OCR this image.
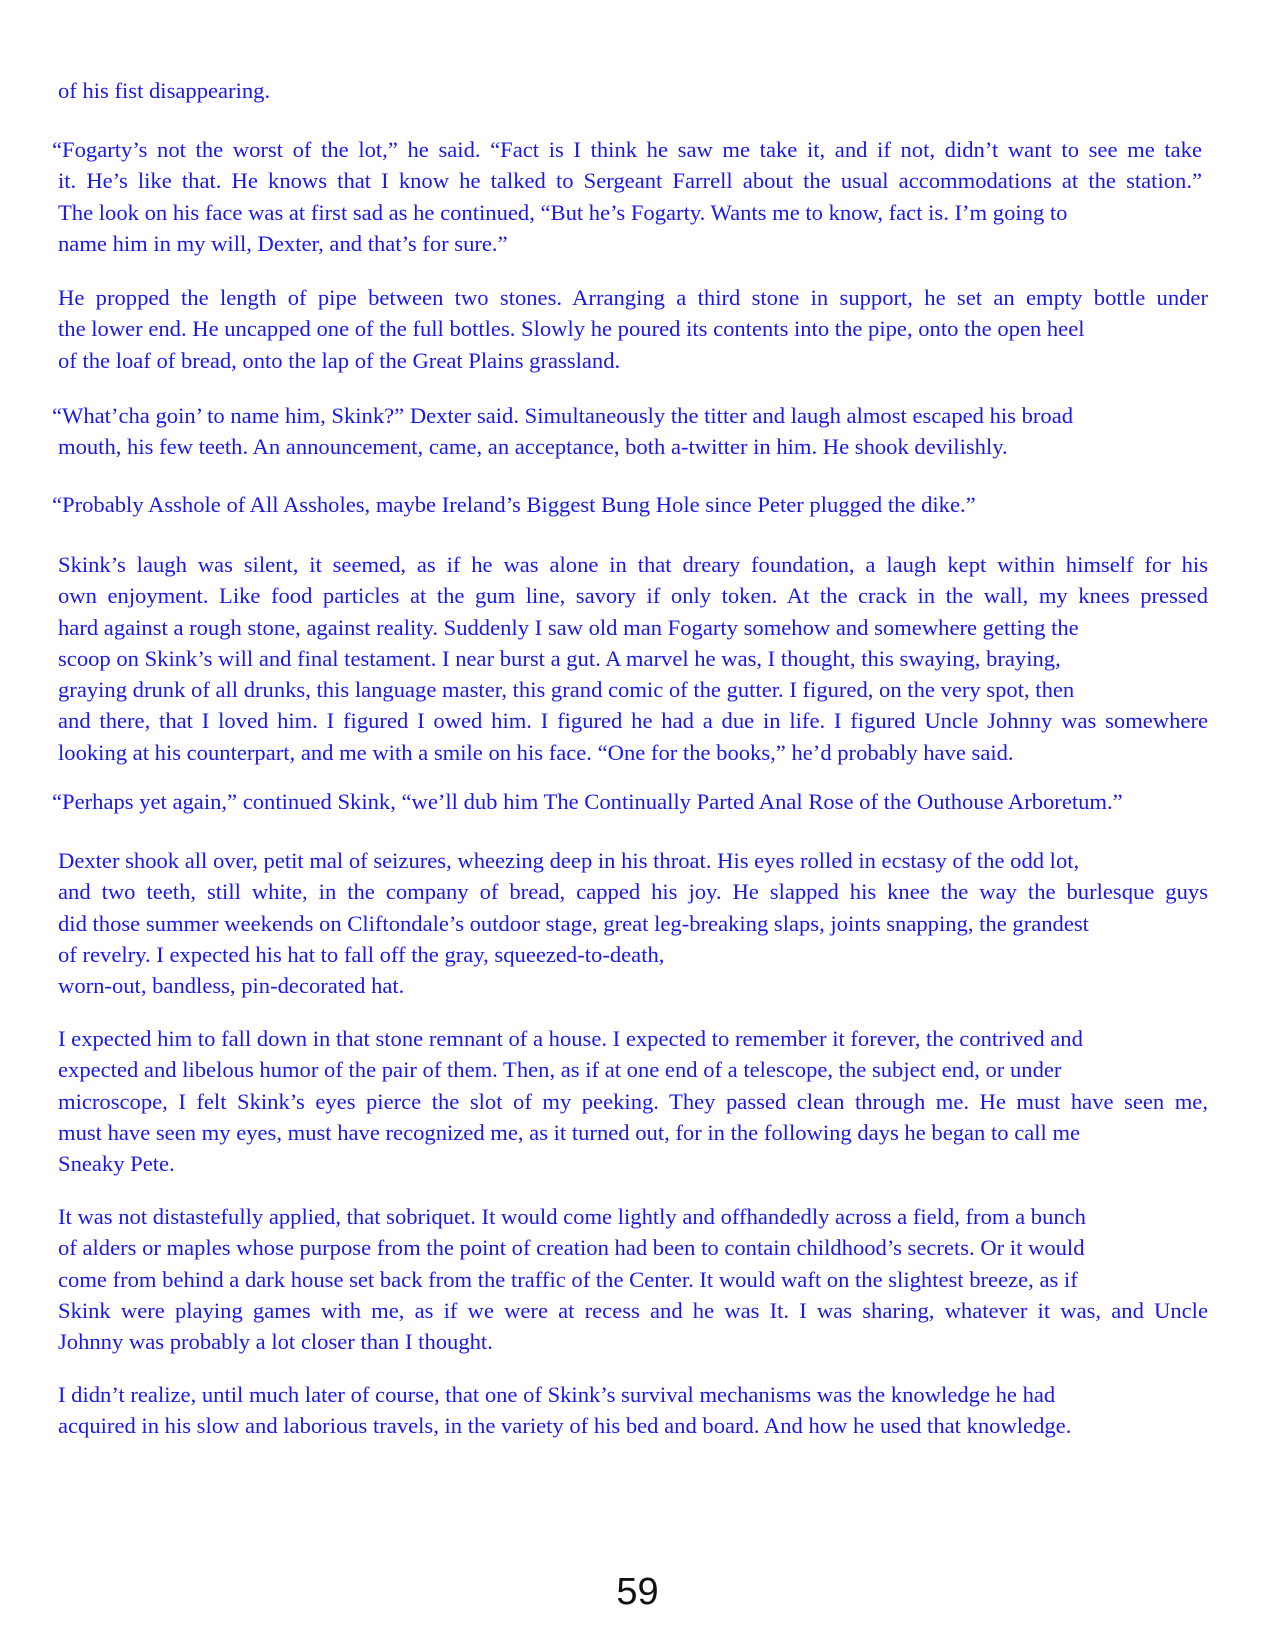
of his fist disappearing.
“Fogarty’s not the worst of the lot,” he said. “Fact is I think he saw me take it, and if not, didn’t want to see me take
it. He’s like that. He knows that I know he talked to Sergeant Farrell about the usual accommodations at the station.”
The look on his face was at first sad as he continued, “But he’s Fogarty. Wants me to know, fact is. I’m going to
name him in my will, Dexter, and that’s for sure.”
He propped the length of pipe between two stones. Arranging a third stone in support, he set an empty bottle under
the lower end. He uncapped one of the full bottles. Slowly he poured its contents into the pipe, onto the open heel
of the loaf of bread, onto the lap of the Great Plains grassland.
“What’cha goin’ to name him, Skink?” Dexter said. Simultaneously the titter and laugh almost escaped his broad
mouth, his few teeth. An announcement, came, an acceptance, both a-twitter in him. He shook devilishly.
“Probably Asshole of All Assholes, maybe Ireland’s Biggest Bung Hole since Peter plugged the dike.”
Skink’s laugh was silent, it seemed, as if he was alone in that dreary foundation, a laugh kept within himself for his
own enjoyment. Like food particles at the gum line, savory if only token. At the crack in the wall, my knees pressed
hard against a rough stone, against reality. Suddenly I saw old man Fogarty somehow and somewhere getting the
scoop on Skink’s will and final testament. I near burst a gut. A marvel he was, I thought, this swaying, braying,
graying drunk of all drunks, this language master, this grand comic of the gutter. I figured, on the very spot, then
and there, that I loved him. I figured I owed him. I figured he had a due in life. I figured Uncle Johnny was somewhere
looking at his counterpart, and me with a smile on his face. “One for the books,” he’d probably have said.
“Perhaps yet again,” continued Skink, “we’ll dub him The Continually Parted Anal Rose of the Outhouse Arboretum.”
Dexter shook all over, petit mal of seizures, wheezing deep in his throat. His eyes rolled in ecstasy of the odd lot,
and two teeth, still white, in the company of bread, capped his joy. He slapped his knee the way the burlesque guys
did those summer weekends on Cliftondale’s outdoor stage, great leg-breaking slaps, joints snapping, the grandest
of revelry. I expected his hat to fall off the gray, squeezed-to-death,
worn-out, bandless, pin-decorated hat.
I expected him to fall down in that stone remnant of a house. I expected to remember it forever, the contrived and
expected and libelous humor of the pair of them. Then, as if at one end of a telescope, the subject end, or under
microscope, I felt Skink’s eyes pierce the slot of my peeking. They passed clean through me. He must have seen me,
must have seen my eyes, must have recognized me, as it turned out, for in the following days he began to call me
Sneaky Pete.
It was not distastefully applied, that sobriquet. It would come lightly and offhandedly across a field, from a bunch
of alders or maples whose purpose from the point of creation had been to contain childhood’s secrets. Or it would
come from behind a dark house set back from the traffic of the Center. It would waft on the slightest breeze, as if
Skink were playing games with me, as if we were at recess and he was It. I was sharing, whatever it was, and Uncle
Johnny was probably a lot closer than I thought.
I didn’t realize, until much later of course, that one of Skink’s survival mechanisms was the knowledge he had
acquired in his slow and laborious travels, in the variety of his bed and board. And how he used that knowledge.
59
